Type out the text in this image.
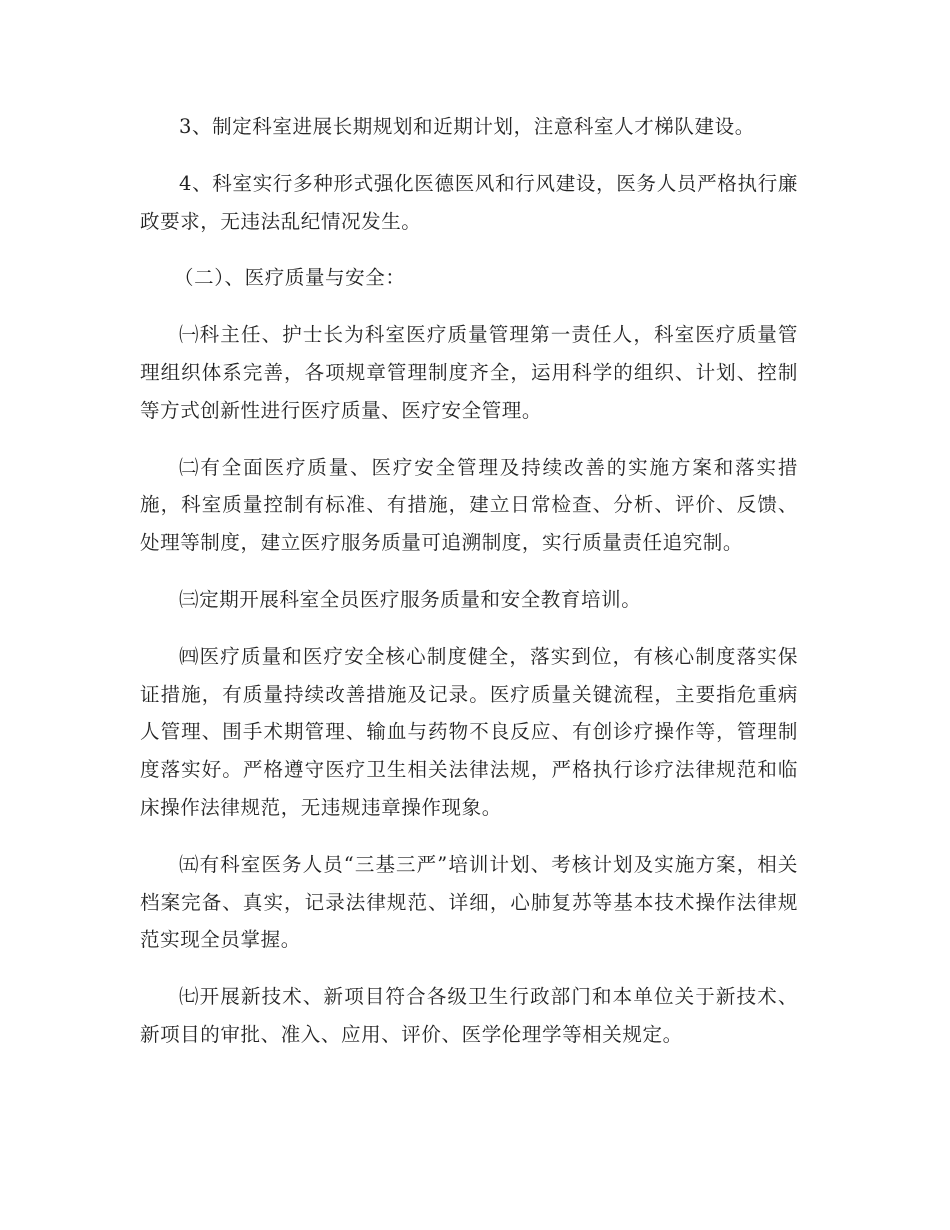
3、制定科室进展长期规划和近期计划，注意科室人才梯队建设。

4、科室实行多种形式强化医德医风和行风建设，医务人员严格执行廉政要求，无违法乱纪情况发生。

（二）、医疗质量与安全：

㈠科主任、护士长为科室医疗质量管理第一责任人，科室医疗质量管理组织体系完善，各项规章管理制度齐全，运用科学的组织、计划、控制等方式创新性进行医疗质量、医疗安全管理。

㈡有全面医疗质量、医疗安全管理及持续改善的实施方案和落实措施，科室质量控制有标准、有措施，建立日常检查、分析、评价、反馈、处理等制度，建立医疗服务质量可追溯制度，实行质量责任追究制。

㈢定期开展科室全员医疗服务质量和安全教育培训。

㈣医疗质量和医疗安全核心制度健全，落实到位，有核心制度落实保证措施，有质量持续改善措施及记录。医疗质量关键流程，主要指危重病人管理、围手术期管理、输血与药物不良反应、有创诊疗操作等，管理制度落实好。严格遵守医疗卫生相关法律法规，严格执行诊疗法律规范和临床操作法律规范，无违规违章操作现象。

㈤有科室医务人员“三基三严”培训计划、考核计划及实施方案，相关档案完备、真实，记录法律规范、详细，心肺复苏等基本技术操作法律规范实现全员掌握。

㈦开展新技术、新项目符合各级卫生行政部门和本单位关于新技术、新项目的审批、准入、应用、评价、医学伦理学等相关规定。
